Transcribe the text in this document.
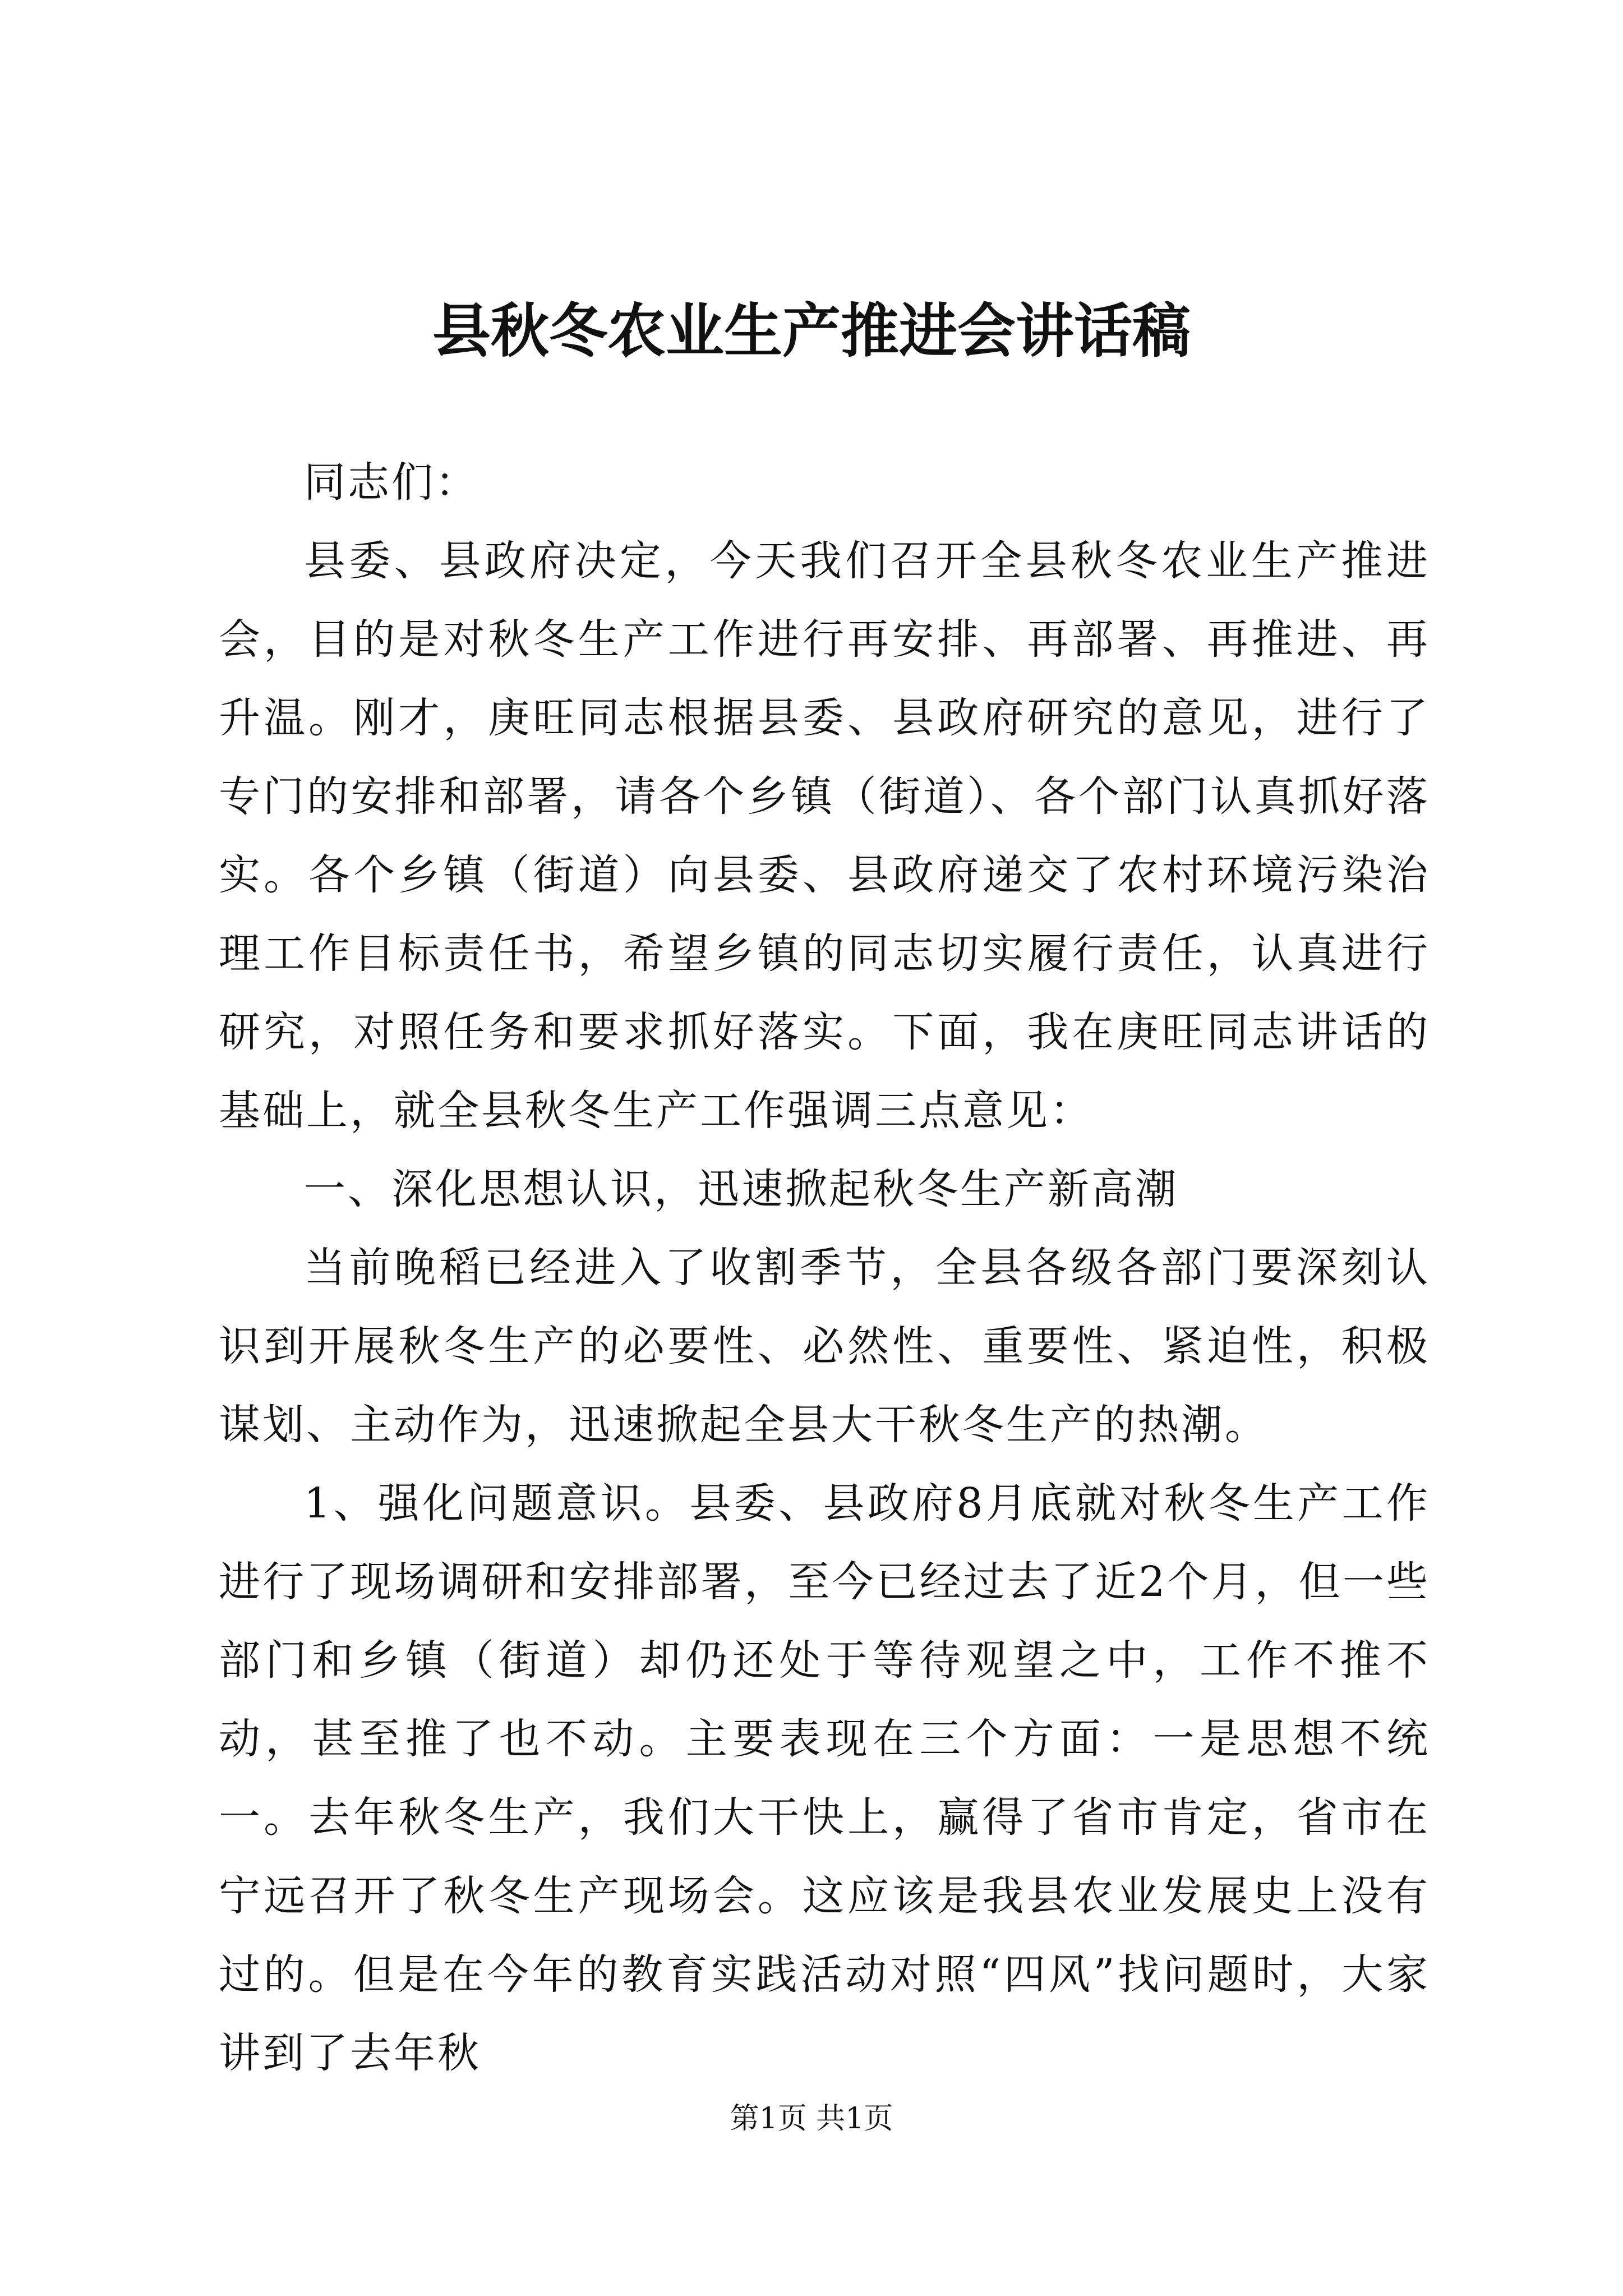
县秋冬农业生产推进会讲话稿

同志们：

县委、县政府决定，今天我们召开全县秋冬农业生产推进会，目的是对秋冬生产工作进行再安排、再部署、再推进、再升温。刚才，庚旺同志根据县委、县政府研究的意见，进行了专门的安排和部署，请各个乡镇（街道）、各个部门认真抓好落实。各个乡镇（街道）向县委、县政府递交了农村环境污染治理工作目标责任书，希望乡镇的同志切实履行责任，认真进行研究，对照任务和要求抓好落实。下面，我在庚旺同志讲话的基础上，就全县秋冬生产工作强调三点意见：

一、深化思想认识，迅速掀起秋冬生产新高潮

当前晚稻已经进入了收割季节，全县各级各部门要深刻认识到开展秋冬生产的必要性、必然性、重要性、紧迫性，积极谋划、主动作为，迅速掀起全县大干秋冬生产的热潮。

1、强化问题意识。县委、县政府8月底就对秋冬生产工作进行了现场调研和安排部署，至今已经过去了近2个月，但一些部门和乡镇（街道）却仍还处于等待观望之中，工作不推不动，甚至推了也不动。主要表现在三个方面：一是思想不统一。去年秋冬生产，我们大干快上，赢得了省市肯定，省市在宁远召开了秋冬生产现场会。这应该是我县农业发展史上没有过的。但是在今年的教育实践活动对照“四风”找问题时，大家讲到了去年秋

第1页 共1页
